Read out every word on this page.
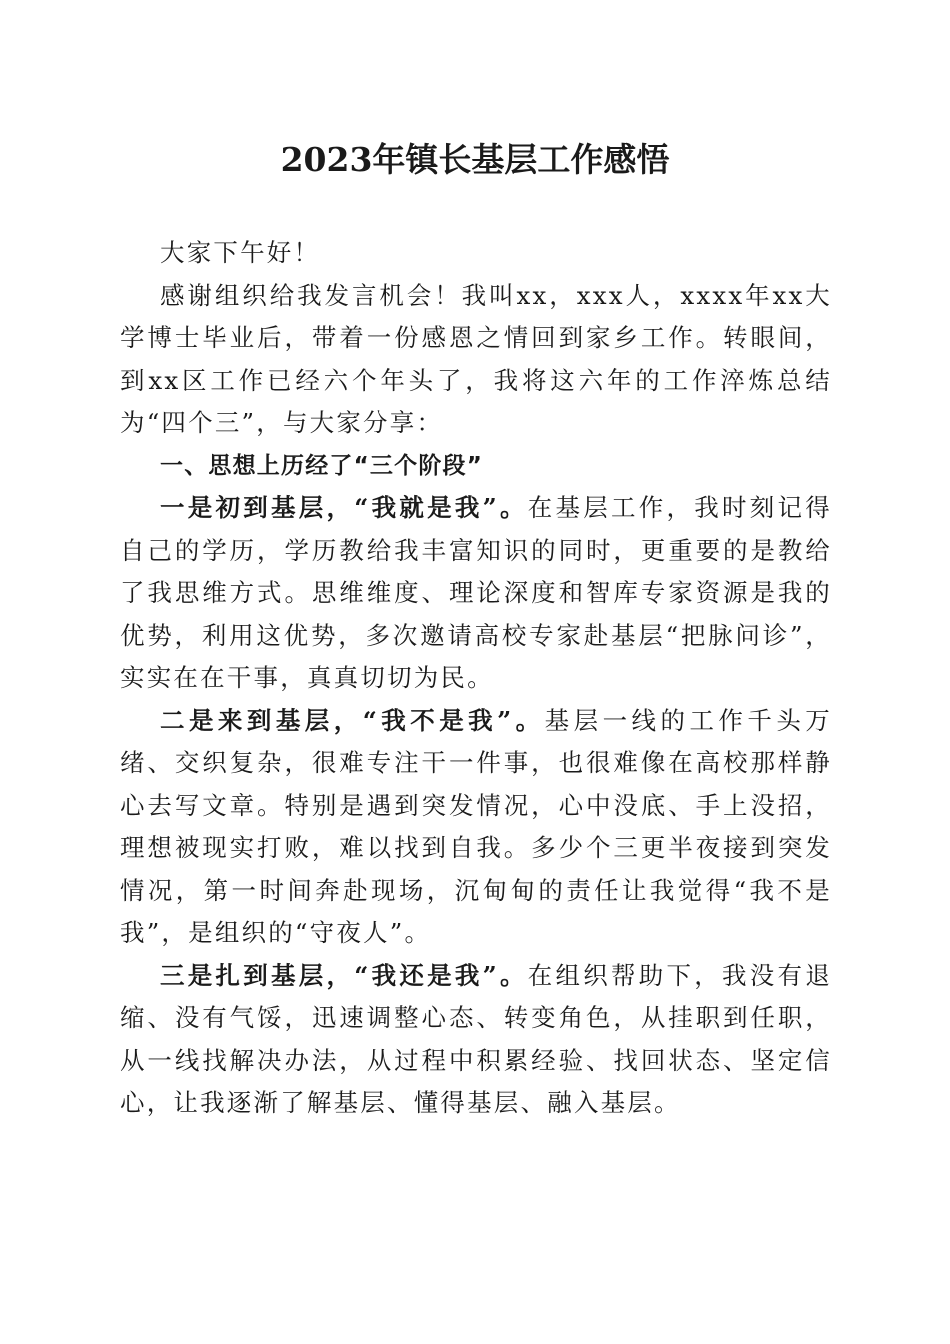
2023年镇长基层工作感悟

大家下午好！

感谢组织给我发言机会！我叫xx，xxx人，xxxx年xx大学博士毕业后，带着一份感恩之情回到家乡工作。转眼间，到xx区工作已经六个年头了，我将这六年的工作淬炼总结为“四个三”，与大家分享：

一、思想上历经了“三个阶段”

一是初到基层，“我就是我”。在基层工作，我时刻记得自己的学历，学历教给我丰富知识的同时，更重要的是教给了我思维方式。思维维度、理论深度和智库专家资源是我的优势，利用这优势，多次邀请高校专家赴基层“把脉问诊”，实实在在干事，真真切切为民。

二是来到基层，“我不是我”。基层一线的工作千头万绪、交织复杂，很难专注干一件事，也很难像在高校那样静心去写文章。特别是遇到突发情况，心中没底、手上没招，理想被现实打败，难以找到自我。多少个三更半夜接到突发情况，第一时间奔赴现场，沉甸甸的责任让我觉得“我不是我”，是组织的“守夜人”。

三是扎到基层，“我还是我”。在组织帮助下，我没有退缩、没有气馁，迅速调整心态、转变角色，从挂职到任职，从一线找解决办法，从过程中积累经验、找回状态、坚定信心，让我逐渐了解基层、懂得基层、融入基层。
